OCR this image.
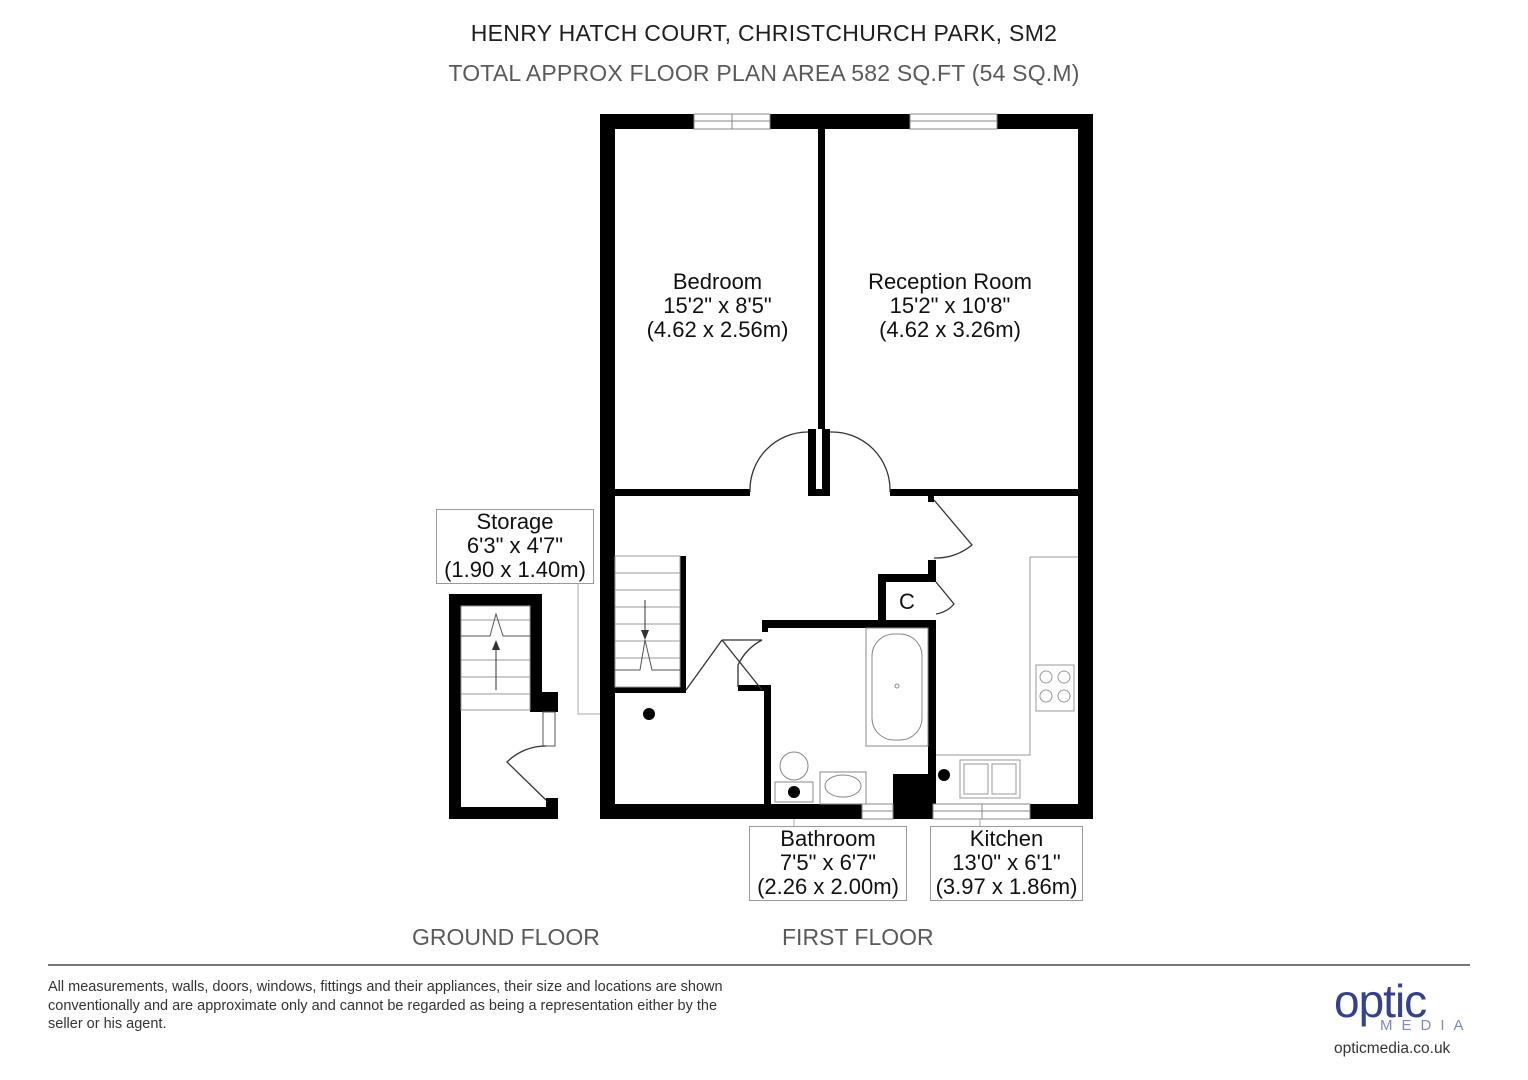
HENRY HATCH COURT, CHRISTCHURCH PARK, SM2
TOTAL APPROX FLOOR PLAN AREA 582 SQ.FT (54 SQ.M)
Bedroom
15'2" x 8'5"
(4.62 x 2.56m)
Reception Room
15'2" x 10'8"
(4.62 x 3.26m)
Storage
6'3" x 4'7"
(1.90 x 1.40m)
Bathroom
7'5" x 6'7"
(2.26 x 2.00m)
Kitchen
13'0" x 6'1"
(3.97 x 1.86m)
C
GROUND FLOOR	FIRST FLOOR
All measurements, walls, doors, windows, fittings and their appliances, their size and locations are shown conventionally and are approximate only and cannot be regarded as being a representation either by the seller or his agent.	optic
MEDIA
opticmedia.co.uk
